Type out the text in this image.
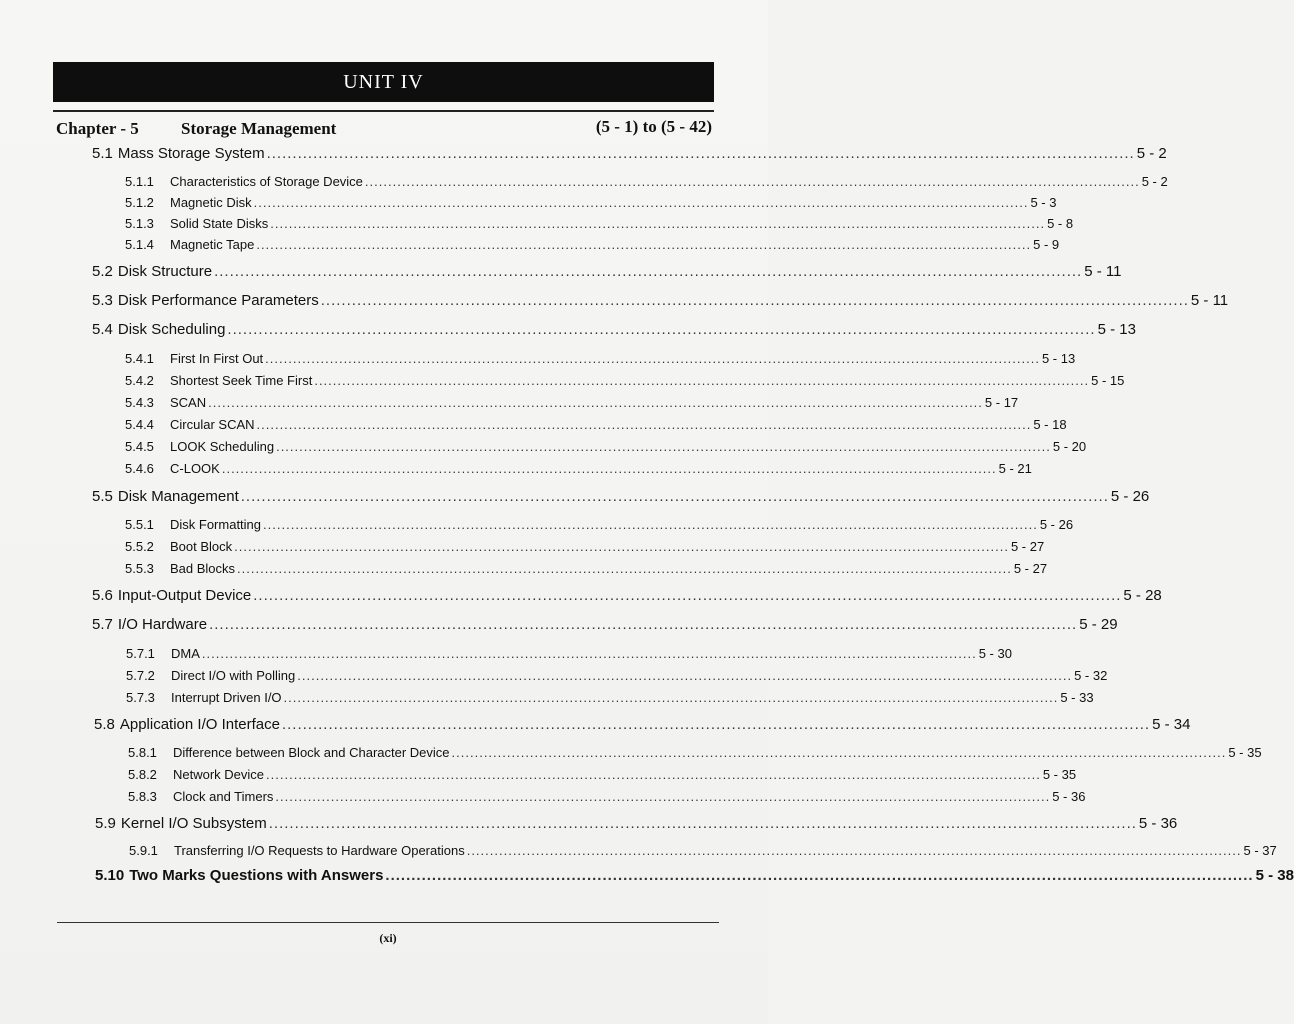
UNIT IV
Chapter - 5 Storage Management	(5 - 1) to (5 - 42)
5.1 Mass Storage System ........................................................................................................................................................................ 5 - 2
5.1.1	Characteristics of Storage Device ........................................................................................................................................................................ 5 - 2
5.1.2	Magnetic Disk ........................................................................................................................................................................ 5 - 3
5.1.3	Solid State Disks ........................................................................................................................................................................ 5 - 8
5.1.4	Magnetic Tape ........................................................................................................................................................................ 5 - 9
5.2 Disk Structure ........................................................................................................................................................................ 5 - 11
5.3 Disk Performance Parameters ........................................................................................................................................................................ 5 - 11
5.4 Disk Scheduling ........................................................................................................................................................................ 5 - 13
5.4.1	First In First Out ........................................................................................................................................................................ 5 - 13
5.4.2	Shortest Seek Time First ........................................................................................................................................................................ 5 - 15
5.4.3	SCAN ........................................................................................................................................................................ 5 - 17
5.4.4	Circular SCAN ........................................................................................................................................................................ 5 - 18
5.4.5	LOOK Scheduling ........................................................................................................................................................................ 5 - 20
5.4.6	C-LOOK ........................................................................................................................................................................ 5 - 21
5.5 Disk Management ........................................................................................................................................................................ 5 - 26
5.5.1	Disk Formatting ........................................................................................................................................................................ 5 - 26
5.5.2	Boot Block ........................................................................................................................................................................ 5 - 27
5.5.3	Bad Blocks ........................................................................................................................................................................ 5 - 27
5.6 Input-Output Device ........................................................................................................................................................................ 5 - 28
5.7 I/O Hardware ........................................................................................................................................................................ 5 - 29
5.7.1	DMA ........................................................................................................................................................................ 5 - 30
5.7.2	Direct I/O with Polling ........................................................................................................................................................................ 5 - 32
5.7.3	Interrupt Driven I/O ........................................................................................................................................................................ 5 - 33
5.8 Application I/O Interface ........................................................................................................................................................................ 5 - 34
5.8.1	Difference between Block and Character Device ........................................................................................................................................................................ 5 - 35
5.8.2	Network Device ........................................................................................................................................................................ 5 - 35
5.8.3	Clock and Timers ........................................................................................................................................................................ 5 - 36
5.9 Kernel I/O Subsystem ........................................................................................................................................................................ 5 - 36
5.9.1	Transferring I/O Requests to Hardware Operations ........................................................................................................................................................................ 5 - 37
5.10 Two Marks Questions with Answers ........................................................................................................................................................................ 5 - 38
(xi)
